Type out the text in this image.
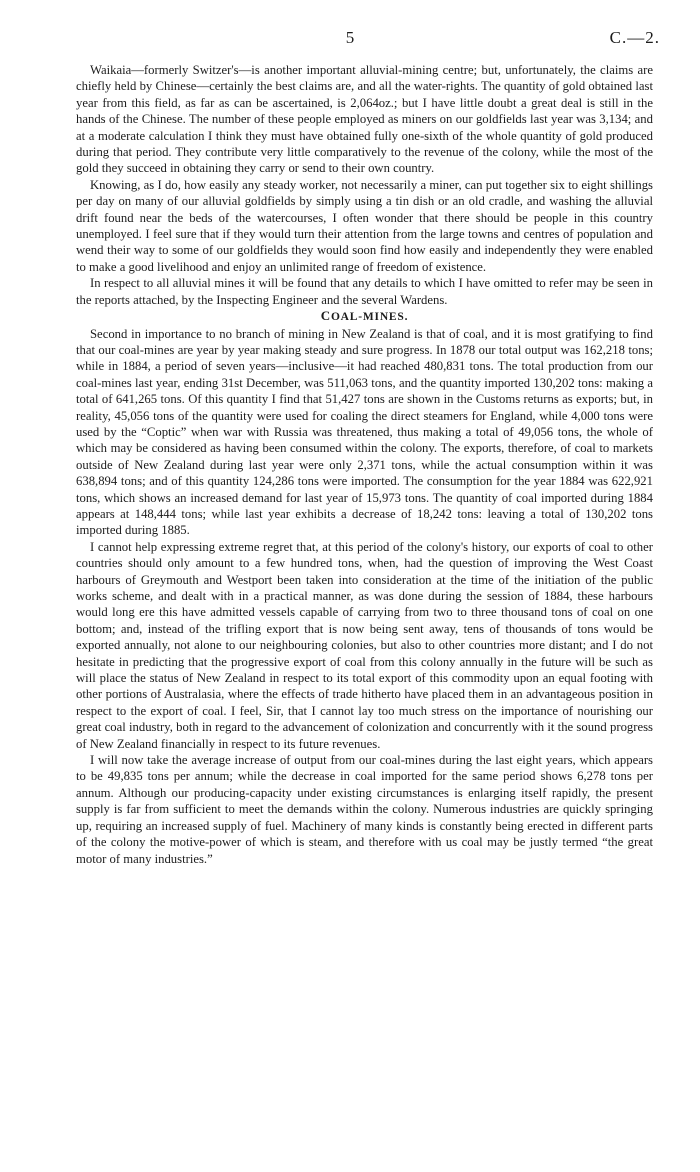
5	C.—2.

Waikaia—formerly Switzer's—is another important alluvial-mining centre; but, unfortunately, the claims are chiefly held by Chinese—certainly the best claims are, and all the water-rights. The quantity of gold obtained last year from this field, as far as can be ascertained, is 2,064oz.; but I have little doubt a great deal is still in the hands of the Chinese. The number of these people employed as miners on our goldfields last year was 3,134; and at a moderate calculation I think they must have obtained fully one-sixth of the whole quantity of gold produced during that period. They contribute very little comparatively to the revenue of the colony, while the most of the gold they succeed in obtaining they carry or send to their own country.

Knowing, as I do, how easily any steady worker, not necessarily a miner, can put together six to eight shillings per day on many of our alluvial goldfields by simply using a tin dish or an old cradle, and washing the alluvial drift found near the beds of the watercourses, I often wonder that there should be people in this country unemployed. I feel sure that if they would turn their attention from the large towns and centres of population and wend their way to some of our goldfields they would soon find how easily and independently they were enabled to make a good livelihood and enjoy an unlimited range of freedom of existence.

In respect to all alluvial mines it will be found that any details to which I have omitted to refer may be seen in the reports attached, by the Inspecting Engineer and the several Wardens.

COAL-MINES.

Second in importance to no branch of mining in New Zealand is that of coal, and it is most gratifying to find that our coal-mines are year by year making steady and sure progress. In 1878 our total output was 162,218 tons; while in 1884, a period of seven years—inclusive—it had reached 480,831 tons. The total production from our coal-mines last year, ending 31st December, was 511,063 tons, and the quantity imported 130,202 tons: making a total of 641,265 tons. Of this quantity I find that 51,427 tons are shown in the Customs returns as exports; but, in reality, 45,056 tons of the quantity were used for coaling the direct steamers for England, while 4,000 tons were used by the “Coptic” when war with Russia was threatened, thus making a total of 49,056 tons, the whole of which may be considered as having been consumed within the colony. The exports, therefore, of coal to markets outside of New Zealand during last year were only 2,371 tons, while the actual consumption within it was 638,894 tons; and of this quantity 124,286 tons were imported. The consumption for the year 1884 was 622,921 tons, which shows an increased demand for last year of 15,973 tons. The quantity of coal imported during 1884 appears at 148,444 tons; while last year exhibits a decrease of 18,242 tons: leaving a total of 130,202 tons imported during 1885.

I cannot help expressing extreme regret that, at this period of the colony's history, our exports of coal to other countries should only amount to a few hundred tons, when, had the question of improving the West Coast harbours of Greymouth and Westport been taken into consideration at the time of the initiation of the public works scheme, and dealt with in a practical manner, as was done during the session of 1884, these harbours would long ere this have admitted vessels capable of carrying from two to three thousand tons of coal on one bottom; and, instead of the trifling export that is now being sent away, tens of thousands of tons would be exported annually, not alone to our neighbouring colonies, but also to other countries more distant; and I do not hesitate in predicting that the progressive export of coal from this colony annually in the future will be such as will place the status of New Zealand in respect to its total export of this commodity upon an equal footing with other portions of Australasia, where the effects of trade hitherto have placed them in an advantageous position in respect to the export of coal. I feel, Sir, that I cannot lay too much stress on the importance of nourishing our great coal industry, both in regard to the advancement of colonization and concurrently with it the sound progress of New Zealand financially in respect to its future revenues.

I will now take the average increase of output from our coal-mines during the last eight years, which appears to be 49,835 tons per annum; while the decrease in coal imported for the same period shows 6,278 tons per annum. Although our producing-capacity under existing circumstances is enlarging itself rapidly, the present supply is far from sufficient to meet the demands within the colony. Numerous industries are quickly springing up, requiring an increased supply of fuel. Machinery of many kinds is constantly being erected in different parts of the colony the motive-power of which is steam, and therefore with us coal may be justly termed “the great motor of many industries.”
